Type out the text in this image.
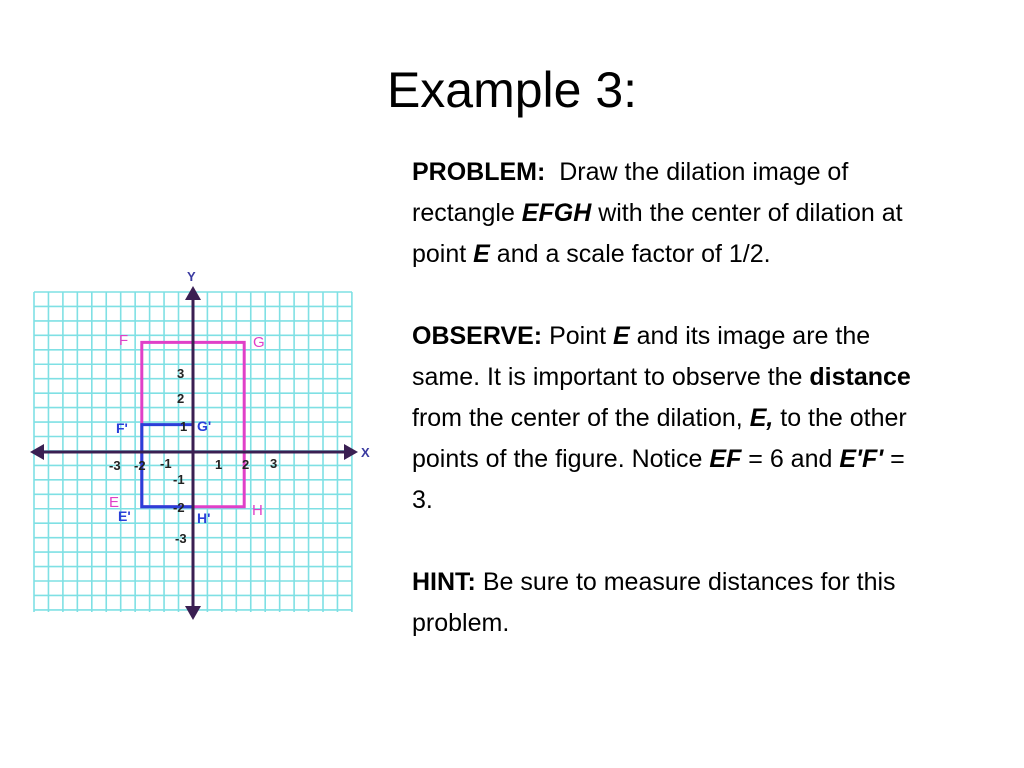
Example 3:

PROBLEM: Draw the dilation image of rectangle EFGH with the center of dilation at point E and a scale factor of 1/2.

OBSERVE: Point E and its image are the same. It is important to observe the distance from the center of the dilation, E, to the other points of the figure. Notice EF = 6 and E'F' = 3.

HINT: Be sure to measure distances for this problem.

X
Y
-3 -2 -1	1 2 3
3
2
1
-1
-2
-3
F	G
E	H
F'	G'
E'	H'
